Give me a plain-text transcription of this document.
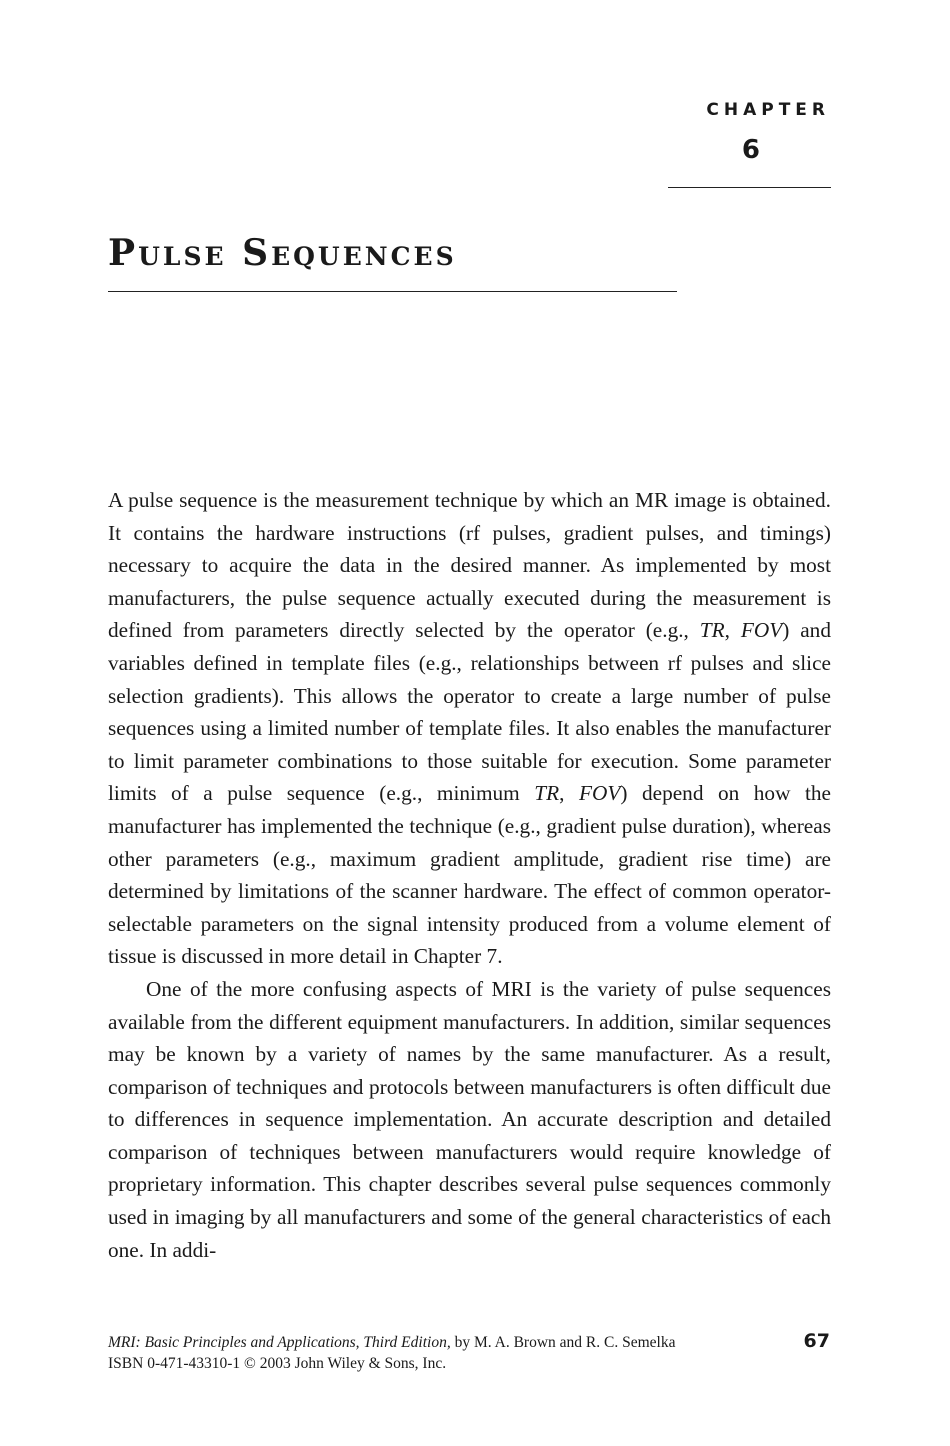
CHAPTER
6
Pulse Sequences

A pulse sequence is the measurement technique by which an MR image is obtained. It contains the hardware instructions (rf pulses, gradient pulses, and timings) necessary to acquire the data in the desired manner. As implemented by most manufacturers, the pulse sequence actually executed during the measurement is defined from parameters directly selected by the operator (e.g., TR, FOV) and variables defined in template files (e.g., relationships between rf pulses and slice selection gradients). This allows the operator to create a large number of pulse sequences using a limited number of template files. It also enables the manufacturer to limit parameter combinations to those suitable for execution. Some parameter limits of a pulse sequence (e.g., minimum TR, FOV) depend on how the manufacturer has implemented the technique (e.g., gradient pulse duration), whereas other parameters (e.g., maximum gradient amplitude, gradient rise time) are determined by limitations of the scanner hardware. The effect of common operator-selectable parameters on the signal intensity produced from a volume element of tissue is discussed in more detail in Chapter 7.

One of the more confusing aspects of MRI is the variety of pulse sequences available from the different equipment manufacturers. In addition, similar sequences may be known by a variety of names by the same manufacturer. As a result, comparison of techniques and protocols between manufacturers is often difficult due to differences in sequence implementation. An accurate description and detailed comparison of techniques between manufacturers would require knowledge of proprietary information. This chapter describes several pulse sequences commonly used in imaging by all manufacturers and some of the general characteristics of each one. In addi-

MRI: Basic Principles and Applications, Third Edition, by M. A. Brown and R. C. Semelka
ISBN 0-471-43310-1 © 2003 John Wiley & Sons, Inc.
67
